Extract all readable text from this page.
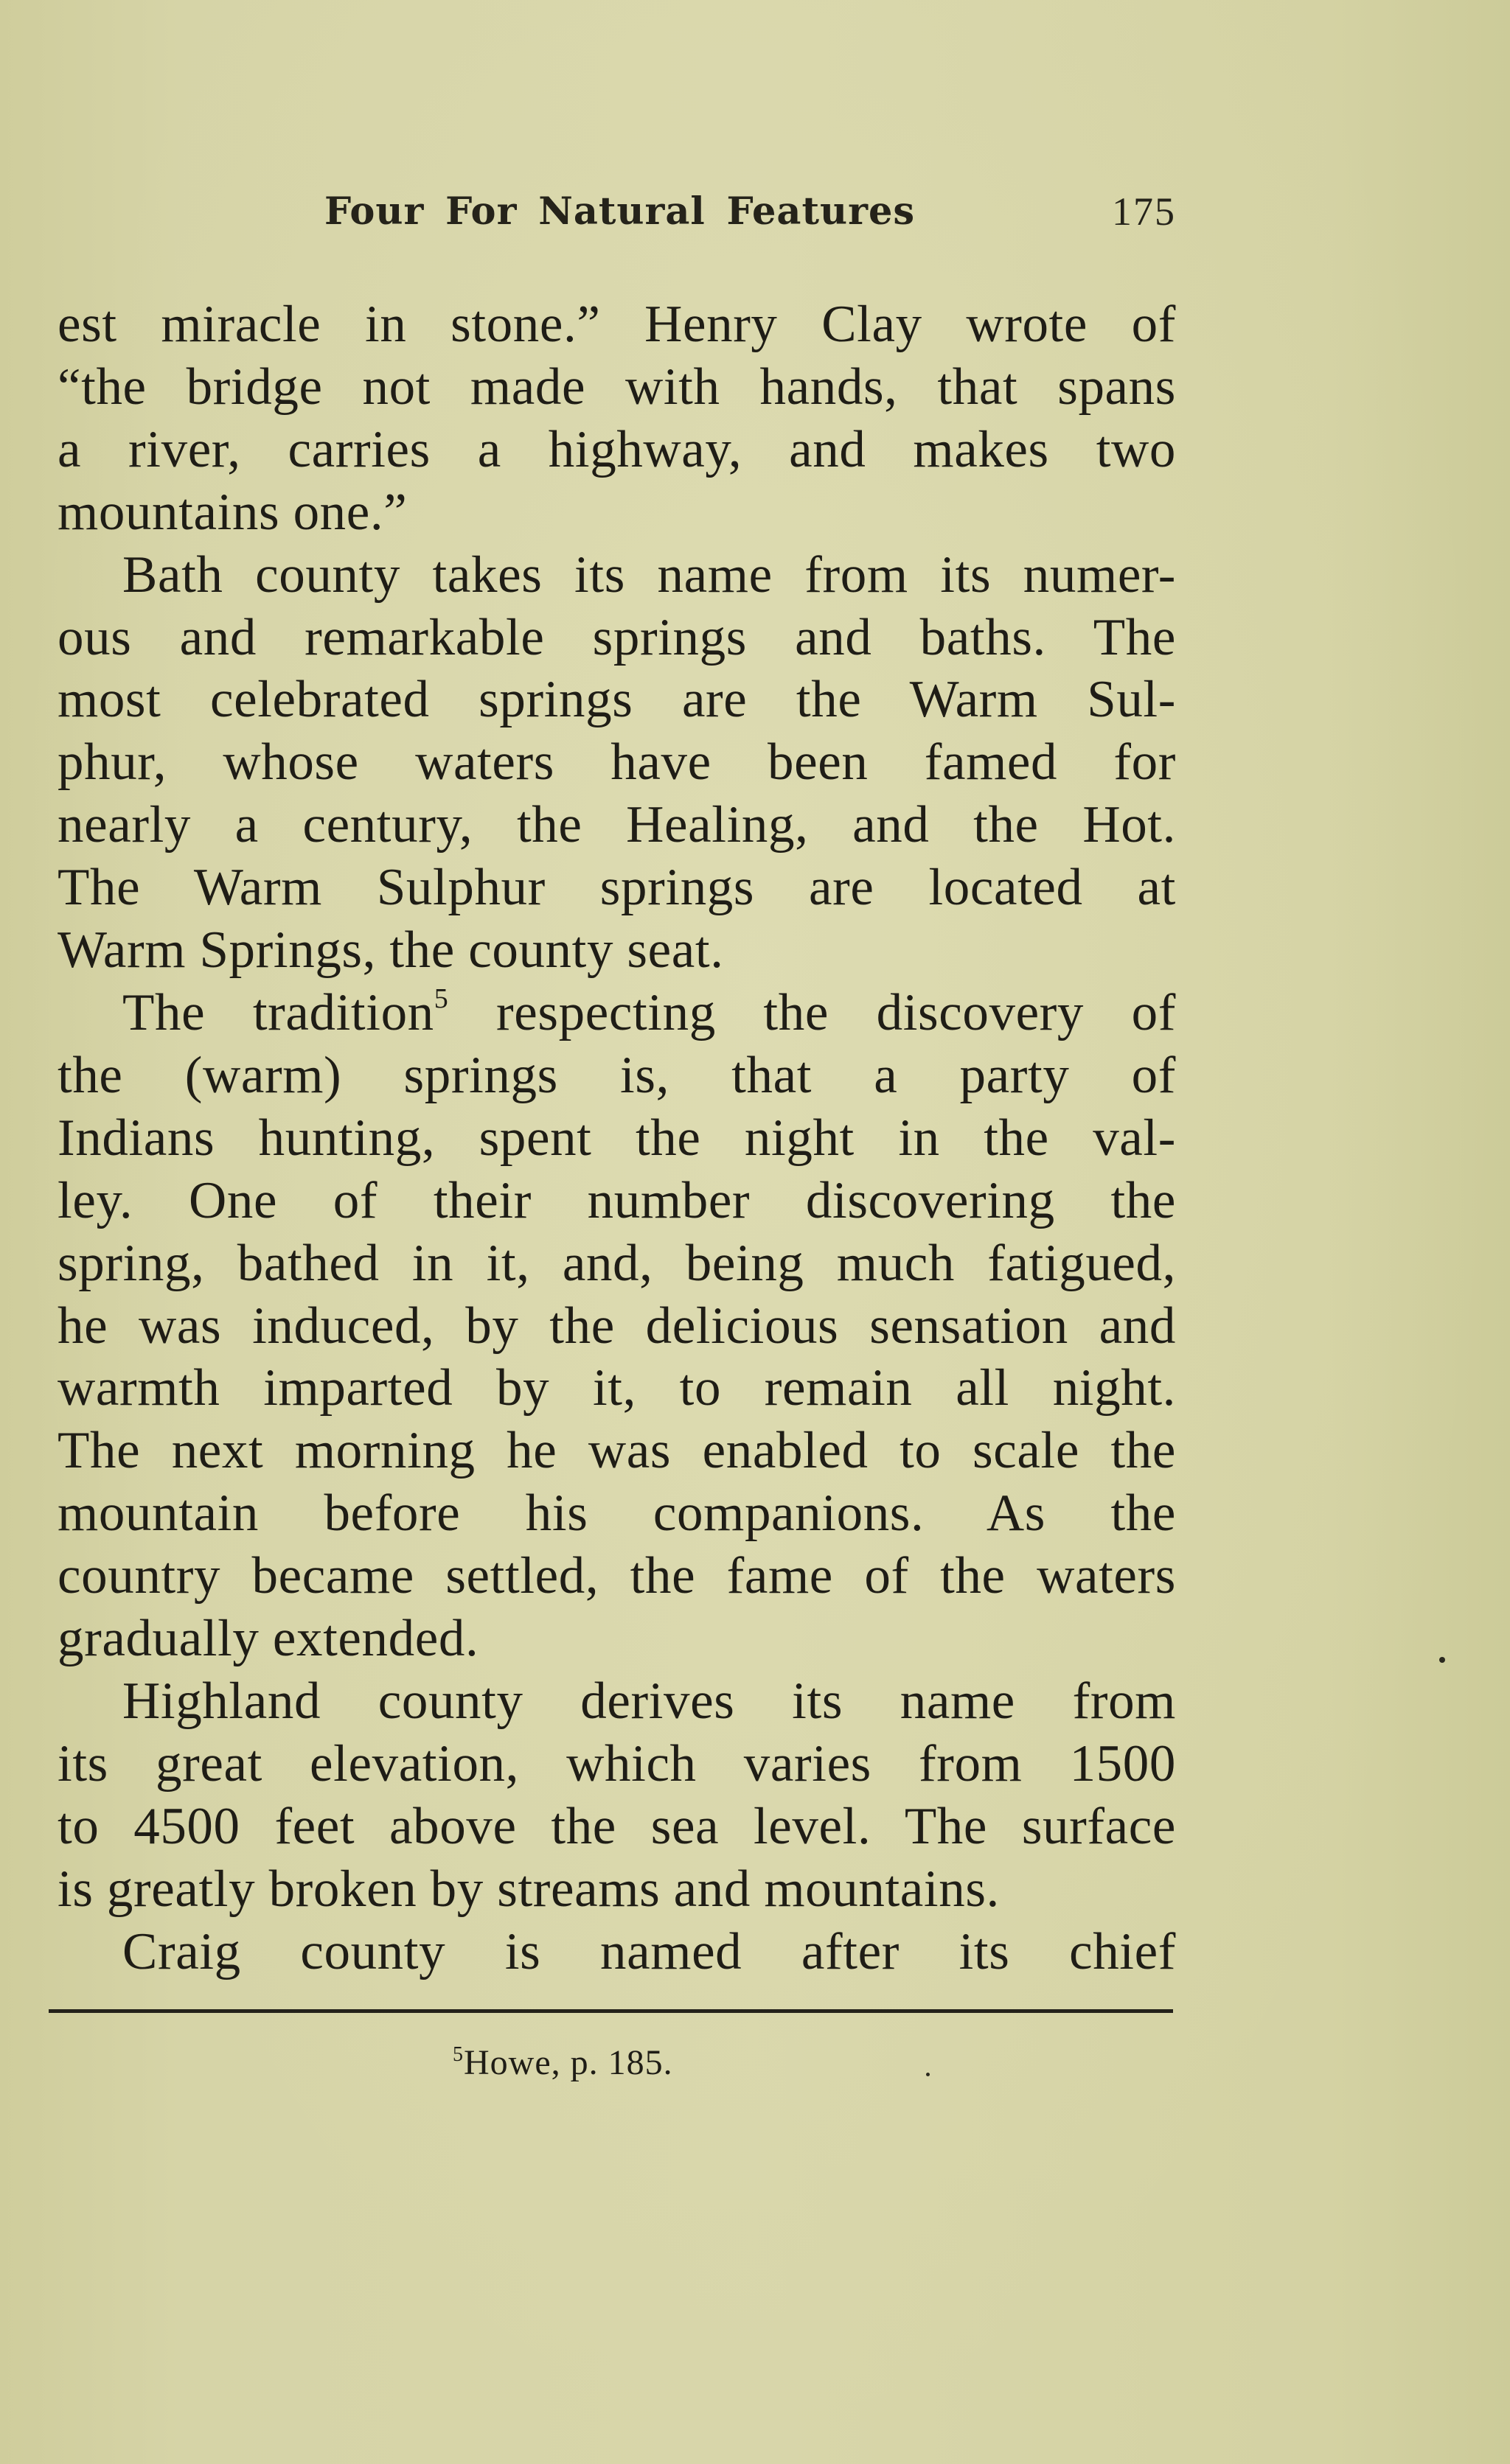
Four For Natural Features	175
est miracle in stone.” Henry Clay wrote of
“the bridge not made with hands, that spans
a river, carries a highway, and makes two
mountains one.”
Bath county takes its name from its numer-
ous and remarkable springs and baths. The
most celebrated springs are the Warm Sul-
phur, whose waters have been famed for
nearly a century, the Healing, and the Hot.
The Warm Sulphur springs are located at
Warm Springs, the county seat.
The tradition$^5$ respecting the discovery of
the (warm) springs is, that a party of
Indians hunting, spent the night in the val-
ley. One of their number discovering the
spring, bathed in it, and, being much fatigued,
he was induced, by the delicious sensation and
warmth imparted by it, to remain all night.
The next morning he was enabled to scale the
mountain before his companions. As the
country became settled, the fame of the waters
gradually extended.
Highland county derives its name from
its great elevation, which varies from 1500
to 4500 feet above the sea level. The surface
is greatly broken by streams and mountains.
Craig county is named after its chief
$^5$Howe, p. 185.
